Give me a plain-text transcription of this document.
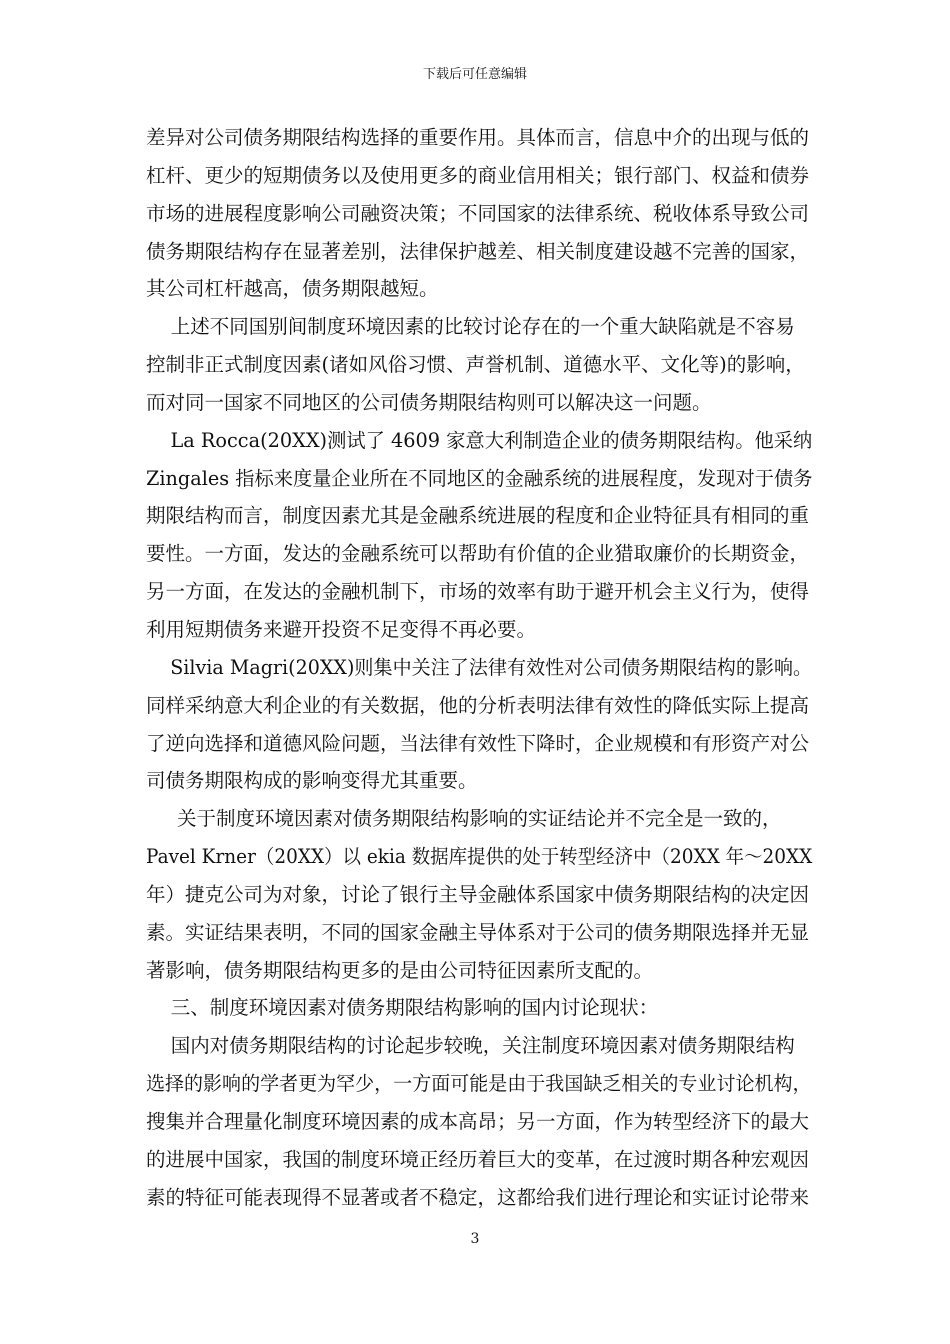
下载后可任意编辑
差异对公司债务期限结构选择的重要作用。具体而言，信息中介的出现与低的
杠杆、更少的短期债务以及使用更多的商业信用相关；银行部门、权益和债券
市场的进展程度影响公司融资决策；不同国家的法律系统、税收体系导致公司
债务期限结构存在显著差别，法律保护越差、相关制度建设越不完善的国家，
其公司杠杆越高，债务期限越短。
上述不同国别间制度环境因素的比较讨论存在的一个重大缺陷就是不容易
控制非正式制度因素(诸如风俗习惯、声誉机制、道德水平、文化等)的影响，
而对同一国家不同地区的公司债务期限结构则可以解决这一问题。
La Rocca(20XX)测试了 4609 家意大利制造企业的债务期限结构。他采纳
Zingales 指标来度量企业所在不同地区的金融系统的进展程度，发现对于债务
期限结构而言，制度因素尤其是金融系统进展的程度和企业特征具有相同的重
要性。一方面，发达的金融系统可以帮助有价值的企业猎取廉价的长期资金，
另一方面，在发达的金融机制下，市场的效率有助于避开机会主义行为，使得
利用短期债务来避开投资不足变得不再必要。
Silvia Magri(20XX)则集中关注了法律有效性对公司债务期限结构的影响。
同样采纳意大利企业的有关数据，他的分析表明法律有效性的降低实际上提高
了逆向选择和道德风险问题，当法律有效性下降时，企业规模和有形资产对公
司债务期限构成的影响变得尤其重要。
关于制度环境因素对债务期限结构影响的实证结论并不完全是一致的，
Pavel Krner（20XX）以 ekia 数据库提供的处于转型经济中（20XX 年～20XX
年）捷克公司为对象，讨论了银行主导金融体系国家中债务期限结构的决定因
素。实证结果表明，不同的国家金融主导体系对于公司的债务期限选择并无显
著影响，债务期限结构更多的是由公司特征因素所支配的。
三、制度环境因素对债务期限结构影响的国内讨论现状：
国内对债务期限结构的讨论起步较晚，关注制度环境因素对债务期限结构
选择的影响的学者更为罕少，一方面可能是由于我国缺乏相关的专业讨论机构，
搜集并合理量化制度环境因素的成本高昂；另一方面，作为转型经济下的最大
的进展中国家，我国的制度环境正经历着巨大的变革，在过渡时期各种宏观因
素的特征可能表现得不显著或者不稳定，这都给我们进行理论和实证讨论带来
3
